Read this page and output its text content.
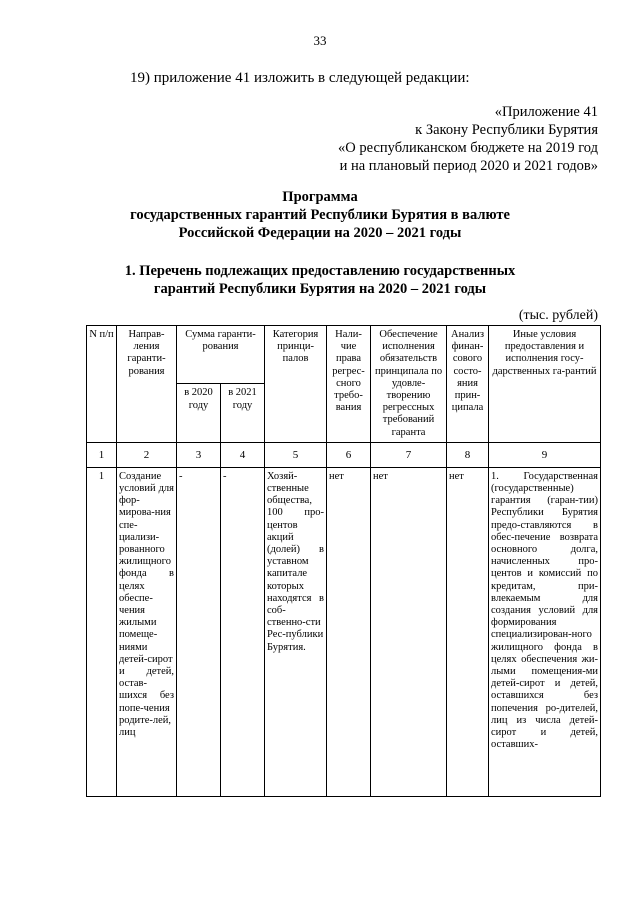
33
19) приложение 41 изложить в следующей редакции:
«Приложение 41
к Закону Республики Бурятия
«О республиканском бюджете на 2019 год
и на плановый период 2020 и 2021 годов»
Программа
государственных гарантий Республики Бурятия в валюте
Российской Федерации на 2020 – 2021 годы
1. Перечень подлежащих предоставлению государственных
гарантий Республики Бурятия на 2020 – 2021 годы
(тыс. рублей)
N п/п	Направ-ления гаранти-рования	Сумма гаранти-рования		Категория принци-палов	Нали-чие права регрес-сного требо-вания	Обеспечение исполнения обязательств принципала по удовле-творению регрессных требований гаранта	Анализ финан-сового состо-яния прин-ципала	Иные условия предоставления и исполнения госу-дарственных га-рантий
		в 2020 году	в 2021 году					
1	2	3	4	5	6	7	8	9
1	Создание условий для фор-мирова-ния спе-циализи-рованного жилищного фонда в целях обеспе-чения жилыми помеще-ниями детей-сирот и детей, остав-шихся без попе-чения родите-лей, лиц	-	-	Хозяй-ственные общества, 100 про-центов акций (долей) в уставном капитале которых находятся в соб-ственно-сти Рес-публики Бурятия.	нет	нет	нет	1. Государственная (государственные) гарантия (гаран-тии) Республики Бурятия предо-ставляются в обес-печение возврата основного долга, начисленных про-центов и комиссий по кредитам, при-влекаемым для создания условий для формирования специализирован-ного жилищного фонда в целях обеспечения жи-лыми помещения-ми детей-сирот и детей, оставшихся без попечения ро-дителей, лиц из числа детей-сирот и детей, оставших-
